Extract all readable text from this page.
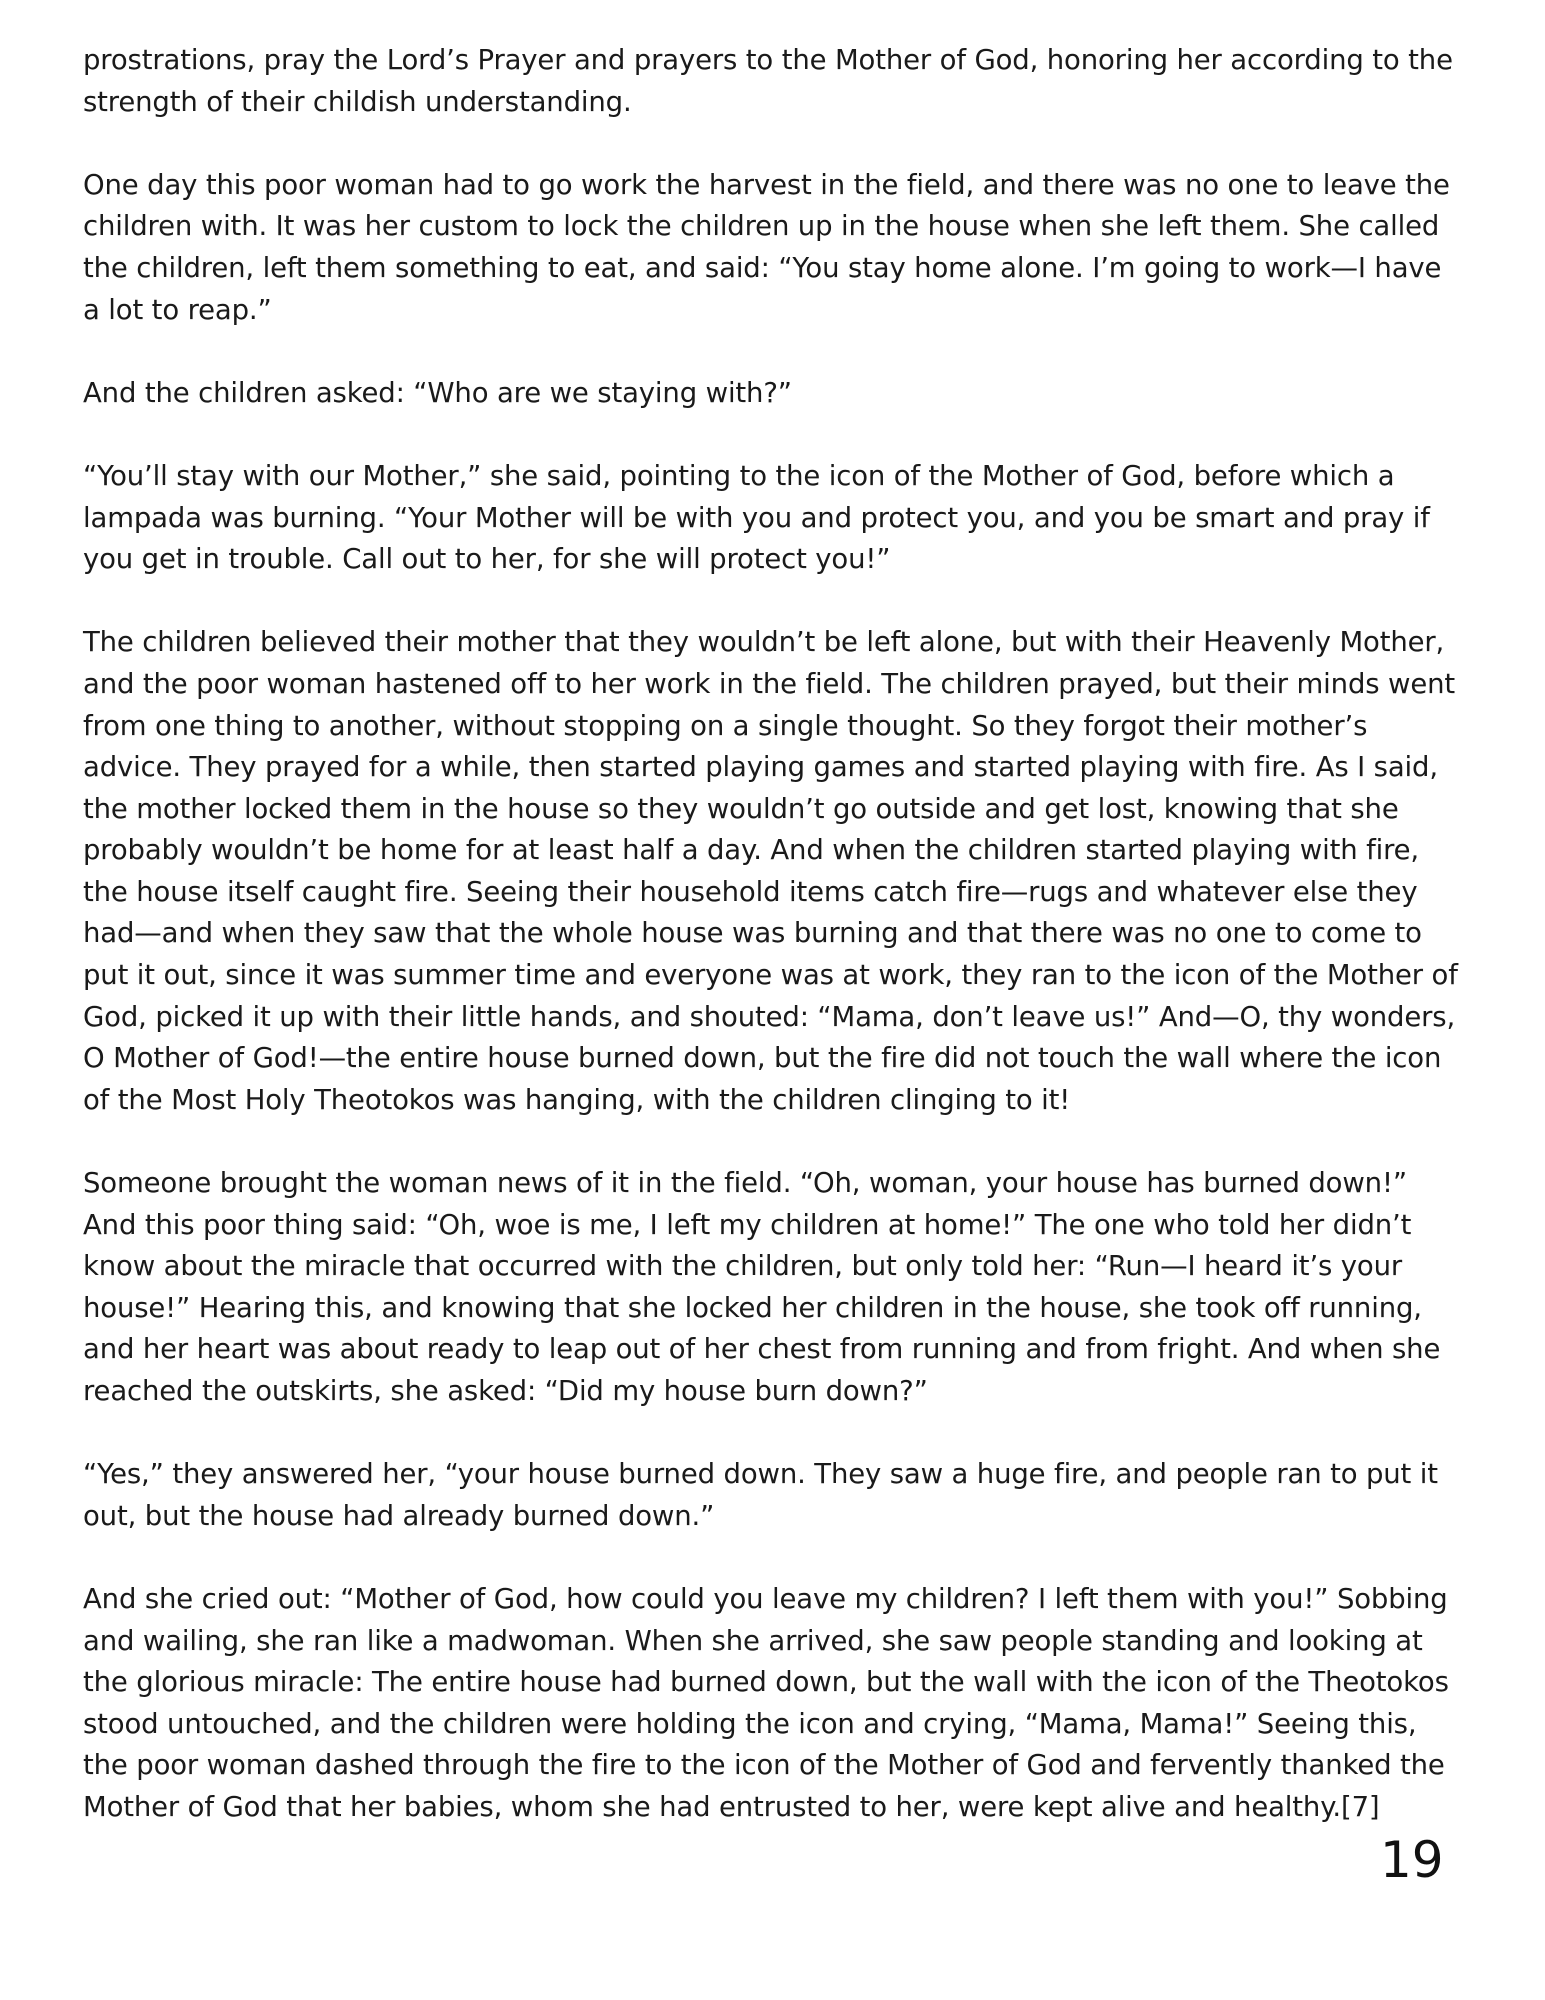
prostrations, pray the Lord’s Prayer and prayers to the Mother of God, honoring her according to the strength of their childish understanding.

One day this poor woman had to go work the harvest in the field, and there was no one to leave the children with. It was her custom to lock the children up in the house when she left them. She called the children, left them something to eat, and said: “You stay home alone. I’m going to work—I have a lot to reap.”

And the children asked: “Who are we staying with?”

“You’ll stay with our Mother,” she said, pointing to the icon of the Mother of God, before which a lampada was burning. “Your Mother will be with you and protect you, and you be smart and pray if you get in trouble. Call out to her, for she will protect you!”

The children believed their mother that they wouldn’t be left alone, but with their Heavenly Mother, and the poor woman hastened off to her work in the field. The children prayed, but their minds went from one thing to another, without stopping on a single thought. So they forgot their mother’s advice. They prayed for a while, then started playing games and started playing with fire. As I said, the mother locked them in the house so they wouldn’t go outside and get lost, knowing that she probably wouldn’t be home for at least half a day. And when the children started playing with fire, the house itself caught fire. Seeing their household items catch fire—rugs and whatever else they had—and when they saw that the whole house was burning and that there was no one to come to put it out, since it was summer time and everyone was at work, they ran to the icon of the Mother of God, picked it up with their little hands, and shouted: “Mama, don’t leave us!” And—O, thy wonders, O Mother of God!—the entire house burned down, but the fire did not touch the wall where the icon of the Most Holy Theotokos was hanging, with the children clinging to it!

Someone brought the woman news of it in the field. “Oh, woman, your house has burned down!” And this poor thing said: “Oh, woe is me, I left my children at home!” The one who told her didn’t know about the miracle that occurred with the children, but only told her: “Run—I heard it’s your house!” Hearing this, and knowing that she locked her children in the house, she took off running, and her heart was about ready to leap out of her chest from running and from fright. And when she reached the outskirts, she asked: “Did my house burn down?”

“Yes,” they answered her, “your house burned down. They saw a huge fire, and people ran to put it out, but the house had already burned down.”

And she cried out: “Mother of God, how could you leave my children? I left them with you!” Sobbing and wailing, she ran like a madwoman. When she arrived, she saw people standing and looking at the glorious miracle: The entire house had burned down, but the wall with the icon of the Theotokos stood untouched, and the children were holding the icon and crying, “Mama, Mama!” Seeing this, the poor woman dashed through the fire to the icon of the Mother of God and fervently thanked the Mother of God that her babies, whom she had entrusted to her, were kept alive and healthy.[7]

19
